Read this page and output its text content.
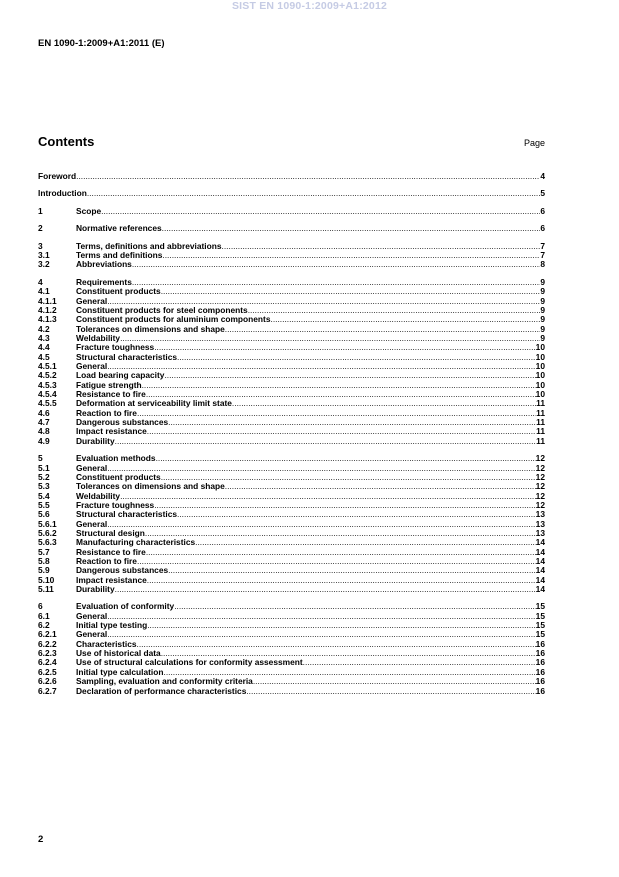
SIST EN 1090-1:2009+A1:2012
EN 1090-1:2009+A1:2011 (E)
Contents	Page
Foreword .....	4
Introduction .....	5
1	Scope .....	6
2	Normative references .....	6
3	Terms, definitions and abbreviations .....	7
3.1	Terms and definitions .....	7
3.2	Abbreviations .....	8
4	Requirements .....	9
4.1	Constituent products .....	9
4.1.1 General .....	9
4.1.2 Constituent products for steel components .....	9
4.1.3 Constituent products for aluminium components .....	9
4.2	Tolerances on dimensions and shape .....	9
4.3	Weldability .....	9
4.4	Fracture toughness .....	10
4.5	Structural characteristics .....	10
4.5.1 General .....	10
4.5.2 Load bearing capacity .....	10
4.5.3 Fatigue strength .....	10
4.5.4 Resistance to fire .....	10
4.5.5 Deformation at serviceability limit state .....	11
4.6	Reaction to fire .....	11
4.7	Dangerous substances .....	11
4.8	Impact resistance .....	11
4.9	Durability .....	11
5	Evaluation methods .....	12
5.1	General .....	12
5.2	Constituent products .....	12
5.3	Tolerances on dimensions and shape .....	12
5.4	Weldability .....	12
5.5	Fracture toughness .....	12
5.6	Structural characteristics .....	13
5.6.1 General .....	13
5.6.2 Structural design .....	13
5.6.3 Manufacturing characteristics .....	14
5.7	Resistance to fire .....	14
5.8	Reaction to fire .....	14
5.9	Dangerous substances .....	14
5.10	Impact resistance .....	14
5.11	Durability .....	14
6	Evaluation of conformity .....	15
6.1	General .....	15
6.2	Initial type testing .....	15
6.2.1 General .....	15
6.2.2 Characteristics .....	16
6.2.3 Use of historical data .....	16
6.2.4 Use of structural calculations for conformity assessment .....	16
6.2.5 Initial type calculation .....	16
6.2.6 Sampling, evaluation and conformity criteria .....	16
6.2.7 Declaration of performance characteristics .....	16
2
